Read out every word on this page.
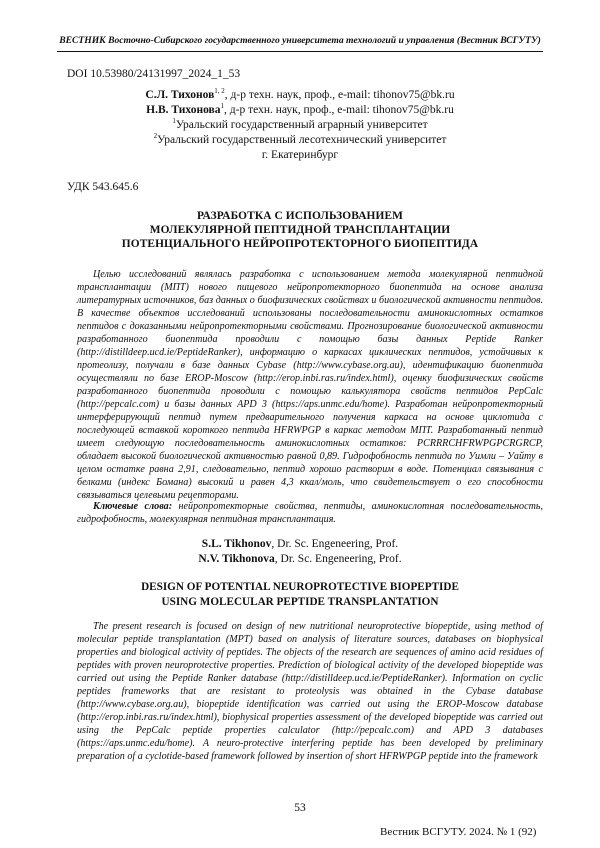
ВЕСТНИК Восточно-Сибирского государственного университета технологий и управления (Вестник ВСГУТУ)
DOI 10.53980/24131997_2024_1_53
С.Л. Тихонов$^{1, 2}$, д-р техн. наук, проф., e-mail: tihonov75@bk.ru
Н.В. Тихонова$^1$, д-р техн. наук, проф., e-mail: tihonov75@bk.ru
$^1$Уральский государственный аграрный университет
$^2$Уральский государственный лесотехнический университет
г. Екатеринбург
УДК 543.645.6
РАЗРАБОТКА С ИСПОЛЬЗОВАНИЕМ
МОЛЕКУЛЯРНОЙ ПЕПТИДНОЙ ТРАНСПЛАНТАЦИИ
ПОТЕНЦИАЛЬНОГО НЕЙРОПРОТЕКТОРНОГО БИОПЕПТИДА

Целью исследований являлась разработка с использованием метода молекулярной пептидной трансплантации (МПТ) нового пищевого нейропротекторного биопептида на основе анализа литературных источников, баз данных о биофизических свойствах и биологической активности пептидов. В качестве объектов исследований использованы последовательности аминокислотных остатков пептидов с доказанными нейропротекторными свойствами. Прогнозирование биологической активности разработанного биопептида проводили с помощью базы данных Peptide Ranker (http://distilldeep.ucd.ie/PeptideRanker), информацию о каркасах циклических пептидов, устойчивых к протеолизу, получали в базе данных Cybase (http://www.cybase.org.au), идентификацию биопептида осуществляли по базе EROP-Moscow (http://erop.inbi.ras.ru/index.html), оценку биофизических свойств разработанного биопептида проводили с помощью калькулятора свойств пептидов PepCalc (http://pepcalc.com) и базы данных APD 3 (https://aps.unmc.edu/home). Разработан нейропротекторный интерферирующий пептид путем предварительного получения каркаса на основе циклотида с последующей вставкой короткого пептида HFRWPGP в каркас методом МПТ. Разработанный пептид имеет следующую последовательность аминокислотных остатков: PCRRRCHFRWPGPCRGRCP, обладает высокой биологической активностью равной 0,89. Гидрофобность пептида по Уимли – Уайту в целом остатке равна 2,91, следовательно, пептид хорошо растворим в воде. Потенциал связывания с белками (индекс Бомана) высокий и равен 4,3 ккал/моль, что свидетельствует о его способности связываться целевыми рецепторами.

Ключевые слова: нейропротекторные свойства, пептиды, аминокислотная последовательность, гидрофобность, молекулярная пептидная трансплантация.

S.L. Tikhonov, Dr. Sc. Engeneering, Prof.
N.V. Tikhonova, Dr. Sc. Engeneering, Prof.
DESIGN OF POTENTIAL NEUROPROTECTIVE BIOPEPTIDE
USING MOLECULAR PEPTIDE TRANSPLANTATION

The present research is focused on design of new nutritional neuroprotective biopeptide, using method of molecular peptide transplantation (MPT) based on analysis of literature sources, databases on biophysical properties and biological activity of peptides. The objects of the research are sequences of amino acid residues of peptides with proven neuroprotective properties. Prediction of biological activity of the developed biopeptide was carried out using the Peptide Ranker database (http://distilldeep.ucd.ie/PeptideRanker). Information on cyclic peptides frameworks that are resistant to proteolysis was obtained in the Cybase database (http://www.cybase.org.au), biopeptide identification was carried out using the EROP-Moscow database (http://erop.inbi.ras.ru/index.html), biophysical properties assessment of the developed biopeptide was carried out using the PepCalc peptide properties calculator (http://pepcalc.com) and APD 3 databases (https://aps.unmc.edu/home). A neuro-protective interfering peptide has been developed by preliminary preparation of a cyclotide-based framework followed by insertion of short HFRWPGP peptide into the framework

53
Вестник ВСГУТУ. 2024. № 1 (92)
